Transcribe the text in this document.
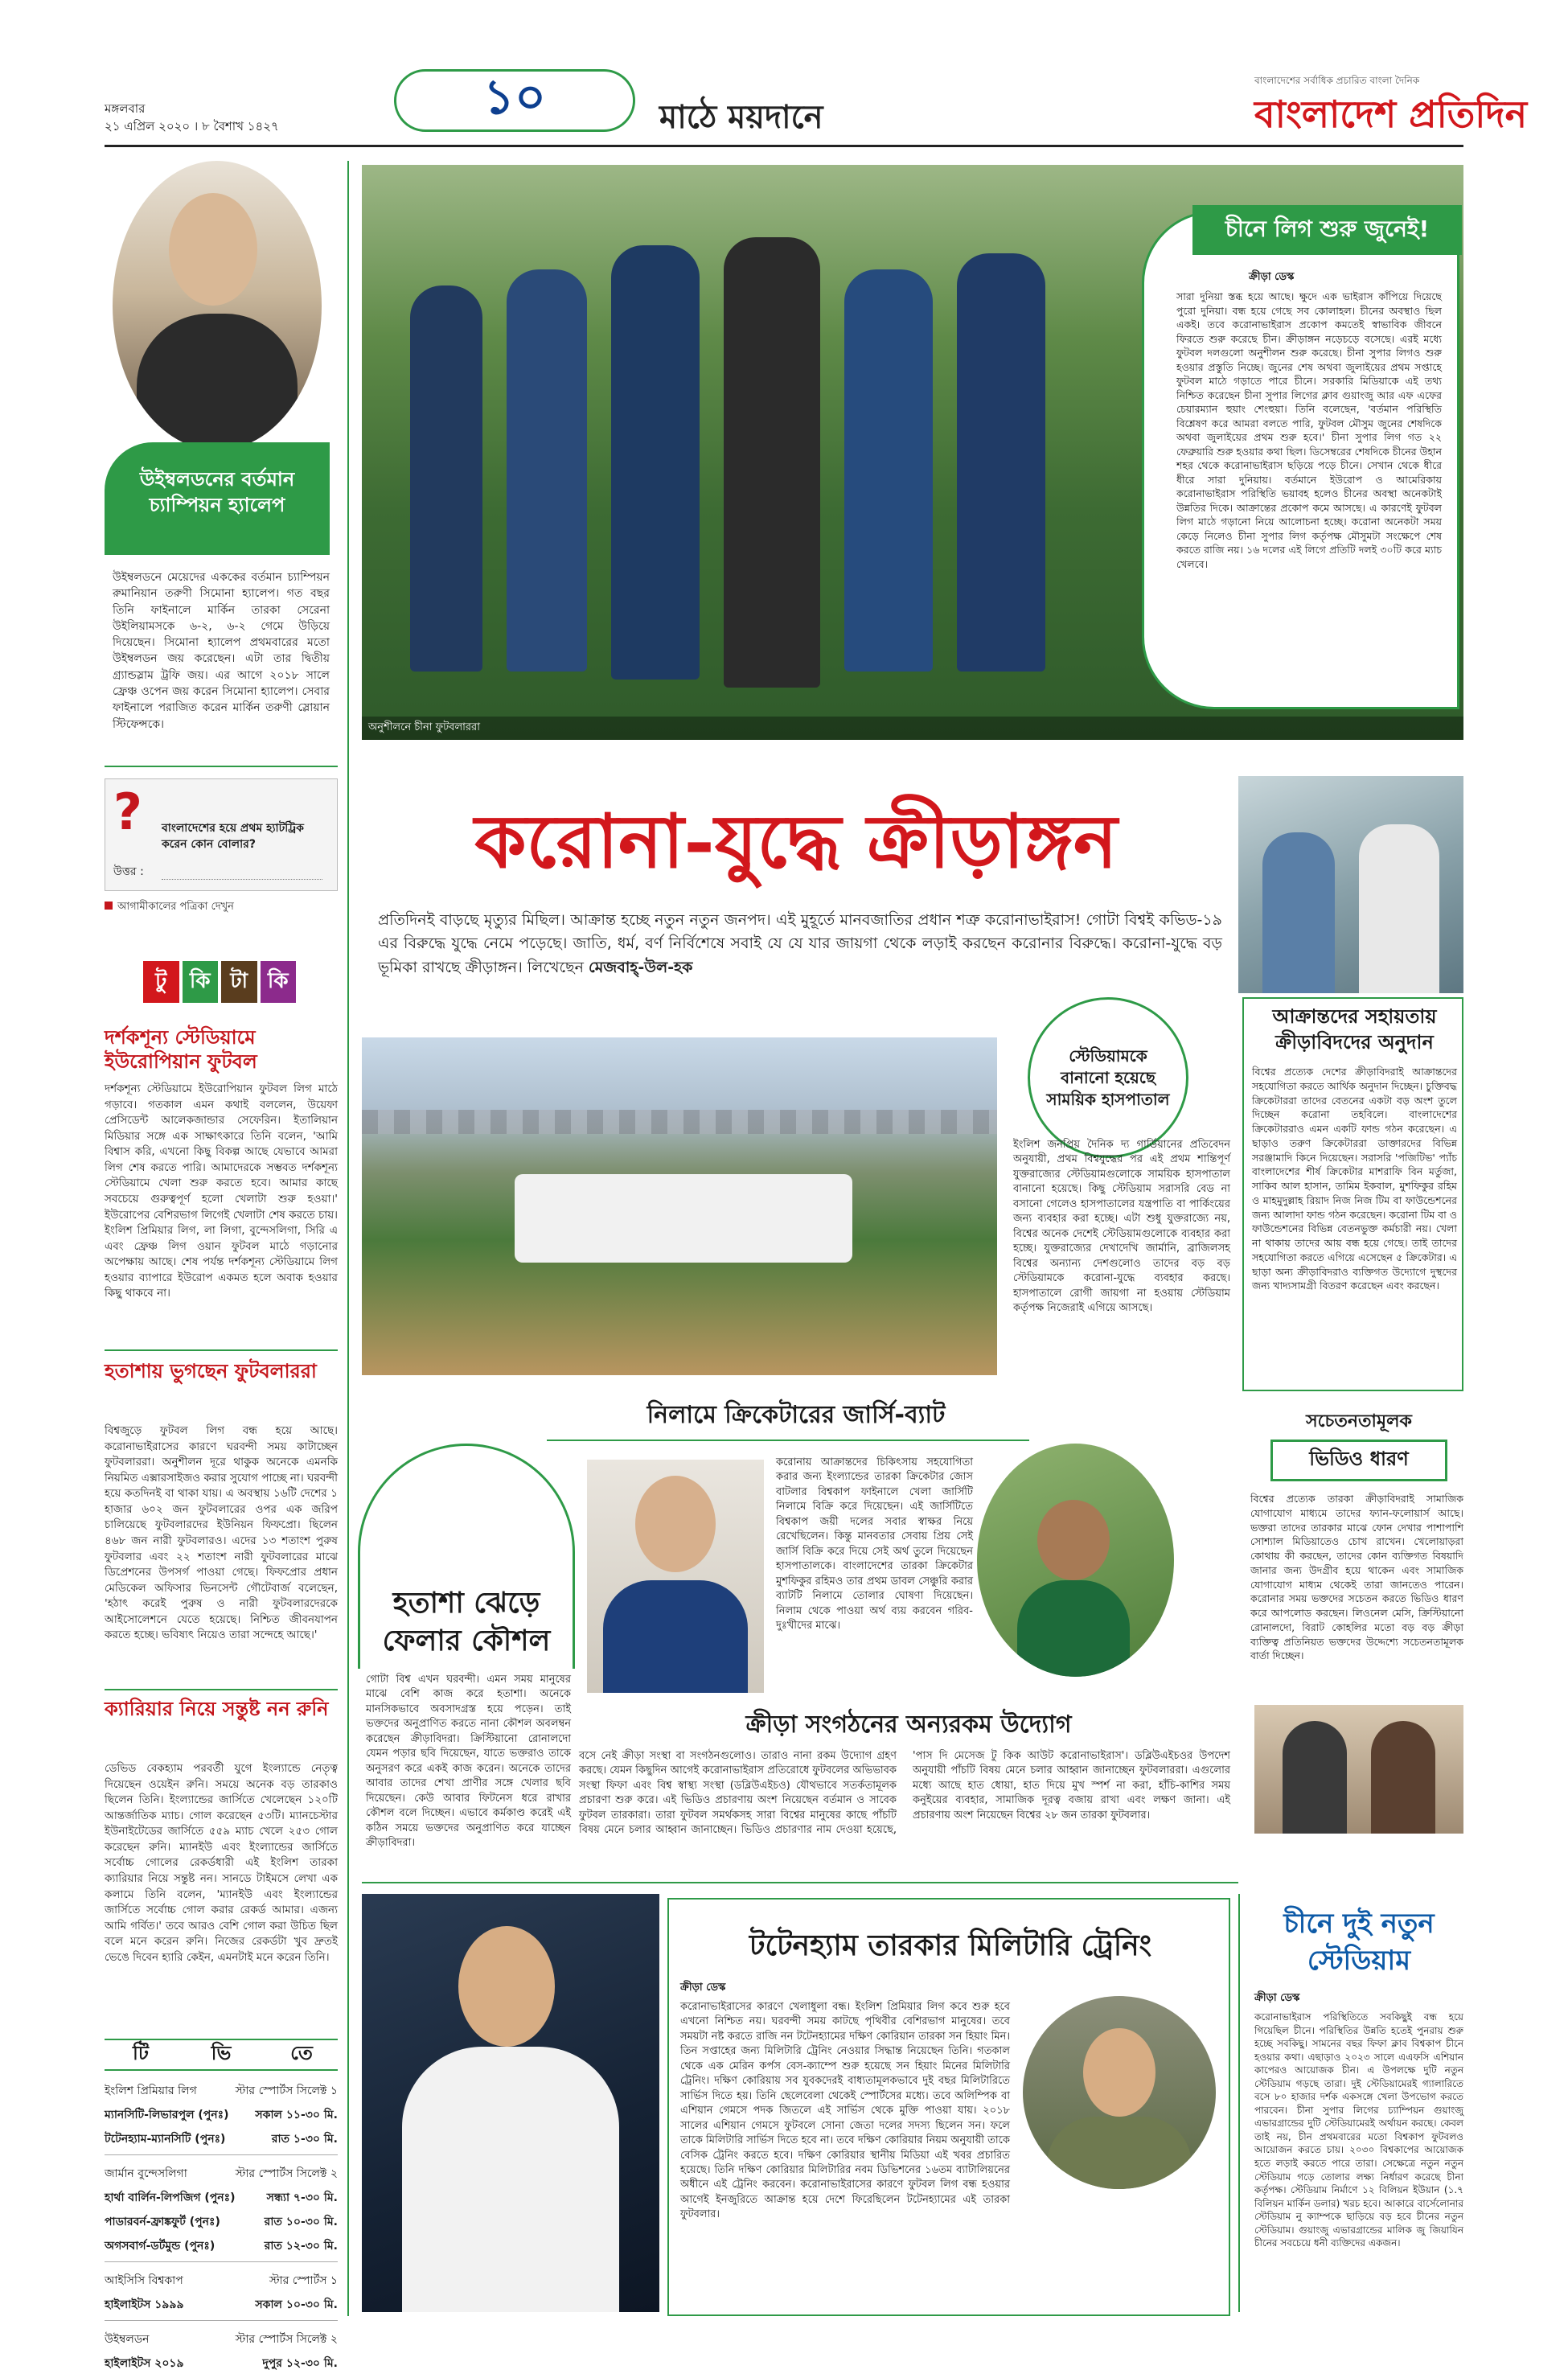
মঙ্গলবার
২১ এপ্রিল ২০২০ । ৮ বৈশাখ ১৪২৭
১০	মাঠে ময়দানে
বাংলাদেশের সর্বাধিক প্রচারিত বাংলা দৈনিক
বাংলাদেশ প্রতিদিন
উইম্বলডনের বর্তমান চ্যাম্পিয়ন হ্যালেপ
উইম্বলডনে মেয়েদের এককের বর্তমান চ্যাম্পিয়ন রুমানিয়ান তরুণী সিমোনা হ্যালেপ। গত বছর তিনি ফাইনালে মার্কিন তারকা সেরেনা উইলিয়ামসকে ৬-২, ৬-২ গেমে উড়িয়ে দিয়েছেন। সিমোনা হ্যালেপ প্রথমবারের মতো উইম্বলডন জয় করেছেন। এটা তার দ্বিতীয় গ্র্যান্ডস্লাম ট্রফি জয়। এর আগে ২০১৮ সালে ফ্রেঞ্চ ওপেন জয় করেন সিমোনা হ্যালেপ। সেবার ফাইনালে পরাজিত করেন মার্কিন তরুণী স্লোয়ান স্টিফেন্সকে।
?	বাংলাদেশের হয়ে প্রথম হ্যাটট্রিক করেন কোন বোলার?
উত্তর :
আগামীকালের পত্রিকা দেখুন
টু	কি টা কি
দর্শকশূন্য স্টেডিয়ামে ইউরোপিয়ান ফুটবল
দর্শকশূন্য স্টেডিয়ামে ইউরোপিয়ান ফুটবল লিগ মাঠে গড়াবে। গতকাল এমন কথাই বললেন, উয়েফা প্রেসিডেন্ট আলেকজান্ডার সেফেরিন। ইতালিয়ান মিডিয়ার সঙ্গে এক সাক্ষাৎকারে তিনি বলেন, 'আমি বিশ্বাস করি, এখনো কিছু বিকল্প আছে যেভাবে আমরা লিগ শেষ করতে পারি। আমাদেরকে সম্ভবত দর্শকশূন্য স্টেডিয়ামে খেলা শুরু করতে হবে। আমার কাছে সবচেয়ে গুরুত্বপূর্ণ হলো খেলাটা শুরু হওয়া।' ইউরোপের বেশিরভাগ লিগেই খেলাটা শেষ করতে চায়। ইংলিশ প্রিমিয়ার লিগ, লা লিগা, বুন্দেসলিগা, সিরি এ এবং ফ্রেঞ্চ লিগ ওয়ান ফুটবল মাঠে গড়ানোর অপেক্ষায় আছে। শেষ পর্যন্ত দর্শকশূন্য স্টেডিয়ামে লিগ হওয়ার ব্যাপারে ইউরোপ একমত হলে অবাক হওয়ার কিছু থাকবে না।
হতাশায় ভুগছেন ফুটবলাররা
বিশ্বজুড়ে ফুটবল লিগ বন্ধ হয়ে আছে। করোনাভাইরাসের কারণে ঘরবন্দী সময় কাটাচ্ছেন ফুটবলাররা। অনুশীলন দূরে থাকুক অনেকে এমনকি নিয়মিত এক্সারসাইজও করার সুযোগ পাচ্ছে না। ঘরবন্দী হয়ে কতদিনই বা থাকা যায়। এ অবস্থায় ১৬টি দেশের ১ হাজার ৬০২ জন ফুটবলারের ওপর এক জরিপ চালিয়েছে ফুটবলারদের ইউনিয়ন ফিফপ্রো। ছিলেন ৪৬৮ জন নারী ফুটবলারও। এদের ১৩ শতাংশ পুরুষ ফুটবলার এবং ২২ শতাংশ নারী ফুটবলারের মাঝে ডিপ্রেশনের উপসর্গ পাওয়া গেছে। ফিফপ্রোর প্রধান মেডিকেল অফিসার ভিনসেন্ট গৌটেবার্জ বলেছেন, 'হঠাৎ করেই পুরুষ ও নারী ফুটবলারদেরকে আইসোলেশনে যেতে হয়েছে। নিশ্চিত জীবনযাপন করতে হচ্ছে। ভবিষ্যৎ নিয়েও তারা সন্দেহে আছে।'
ক্যারিয়ার নিয়ে সন্তুষ্ট নন রুনি
ডেভিড বেকহ্যাম পরবর্তী যুগে ইংল্যান্ডে নেতৃত্ব দিয়েছেন ওয়েইন রুনি। সময়ে অনেক বড় তারকাও ছিলেন তিনি। ইংল্যান্ডের জার্সিতে খেলেছেন ১২০টি আন্তর্জাতিক ম্যাচ। গোল করেছেন ৫৩টি। ম্যানচেস্টার ইউনাইটেডের জার্সিতে ৫৫৯ ম্যাচ খেলে ২৫৩ গোল করেছেন রুনি। ম্যানইউ এবং ইংল্যান্ডের জার্সিতে সর্বোচ্চ গোলের রেকর্ডধারী এই ইংলিশ তারকা ক্যারিয়ার নিয়ে সন্তুষ্ট নন। সানডে টাইমসে লেখা এক কলামে তিনি বলেন, 'ম্যানইউ এবং ইংল্যান্ডের জার্সিতে সর্বোচ্চ গোল করার রেকর্ড আমার। এজন্য আমি গর্বিত।' তবে আরও বেশি গোল করা উচিত ছিল বলে মনে করেন রুনি। নিজের রেকর্ডটা খুব দ্রুতই ভেঙে দিবেন হ্যারি কেইন, এমনটাই মনে করেন তিনি।
টি	ভি	তে
ইংলিশ প্রিমিয়ার লিগ	স্টার স্পোর্টস সিলেক্ট ১
ম্যানসিটি-লিভারপুল (পুনঃ) সকাল ১১-৩০ মি.
টটেনহ্যাম-ম্যানসিটি (পুনঃ)	রাত ১-৩০ মি.
জার্মান বুন্দেসলিগা	স্টার স্পোর্টস সিলেক্ট ২
হার্থা বার্লিন-লিপজিগ (পুনঃ)	সন্ধ্যা ৭-৩০ মি.
পাডারবর্ন-ফ্রাঙ্কফুর্ট (পুনঃ)	রাত ১০-৩০ মি.
অগসবার্গ-ডর্টমুন্ড (পুনঃ)	রাত ১২-৩০ মি.
আইসিসি বিশ্বকাপ	স্টার স্পোর্টস ১
হাইলাইটস ১৯৯৯	সকাল ১০-৩০ মি.
উইম্বলডন	স্টার স্পোর্টস সিলেক্ট ২
হাইলাইটস ২০১৯	দুপুর ১২-৩০ মি.
অনুশীলনে চীনা ফুটবলাররা
চীনে লিগ শুরু জুনেই!
ক্রীড়া ডেস্ক
সারা দুনিয়া স্তব্ধ হয়ে আছে। ক্ষুদে এক ভাইরাস কাঁপিয়ে দিয়েছে পুরো দুনিয়া। বন্ধ হয়ে গেছে সব কোলাহল। চীনের অবস্থাও ছিল একই। তবে করোনাভাইরাস প্রকোপ কমতেই স্বাভাবিক জীবনে ফিরতে শুরু করেছে চীন। ক্রীড়াঙ্গন নড়েচড়ে বসেছে। এরই মধ্যে ফুটবল দলগুলো অনুশীলন শুরু করেছে। চীনা সুপার লিগও শুরু হওয়ার প্রস্তুতি নিচ্ছে। জুনের শেষ অথবা জুলাইয়ের প্রথম সপ্তাহে ফুটবল মাঠে গড়াতে পারে চীনে। সরকারি মিডিয়াকে এই তথ্য নিশ্চিত করেছেন চীনা সুপার লিগের ক্লাব গুয়াংজু আর এফ এফের চেয়ারম্যান হুয়াং শেংহুয়া। তিনি বলেছেন, 'বর্তমান পরিস্থিতি বিশ্লেষণ করে আমরা বলতে পারি, ফুটবল মৌসুম জুনের শেষদিকে অথবা জুলাইয়ের প্রথম শুরু হবে।' চীনা সুপার লিগ গত ২২ ফেব্রুয়ারি শুরু হওয়ার কথা ছিল। ডিসেম্বরের শেষদিকে চীনের উহান শহর থেকে করোনাভাইরাস ছড়িয়ে পড়ে চীনে। সেখান থেকে ধীরে ধীরে সারা দুনিয়ায়। বর্তমানে ইউরোপ ও আমেরিকায় করোনাভাইরাস পরিস্থিতি ভয়াবহ হলেও চীনের অবস্থা অনেকটাই উন্নতির দিকে। আক্রান্তের প্রকোপ কমে আসছে। এ কারণেই ফুটবল লিগ মাঠে গড়ানো নিয়ে আলোচনা হচ্ছে। করোনা অনেকটা সময় কেড়ে নিলেও চীনা সুপার লিগ কর্তৃপক্ষ মৌসুমটা সংক্ষেপে শেষ করতে রাজি নয়। ১৬ দলের এই লিগে প্রতিটি দলই ৩০টি করে ম্যাচ খেলবে।
করোনা-যুদ্ধে ক্রীড়াঙ্গন
প্রতিদিনই বাড়ছে মৃত্যুর মিছিল। আক্রান্ত হচ্ছে নতুন নতুন জনপদ। এই মুহূর্তে মানবজাতির প্রধান শত্রু করোনাভাইরাস! গোটা বিশ্বই কভিড-১৯ এর বিরুদ্ধে যুদ্ধে নেমে পড়েছে। জাতি, ধর্ম, বর্ণ নির্বিশেষে সবাই যে যে যার জায়গা থেকে লড়াই করছেন করোনার বিরুদ্ধে। করোনা-যুদ্ধে বড় ভূমিকা রাখছে ক্রীড়াঙ্গন। লিখেছেন মেজবাহ্-উল-হক
আক্রান্তদের সহায়তায় ক্রীড়াবিদদের অনুদান
বিশ্বের প্রত্যেক দেশের ক্রীড়াবিদরাই আক্রান্তদের সহযোগিতা করতে আর্থিক অনুদান দিচ্ছেন। চুক্তিবদ্ধ ক্রিকেটাররা তাদের বেতনের একটা বড় অংশ তুলে দিচ্ছেন করোনা তহবিলে। বাংলাদেশের ক্রিকেটাররাও এমন একটি ফান্ড গঠন করেছেন। এ ছাড়াও তরুণ ক্রিকেটাররা ডাক্তারদের বিভিন্ন সরঞ্জামাদি কিনে দিয়েছেন। সরাসরি 'পজিটিভ' প্যাঁচ বাংলাদেশের শীর্ষ ক্রিকেটার মাশরাফি বিন মর্তুজা, সাকিব আল হাসান, তামিম ইকবাল, মুশফিকুর রহিম ও মাহমুদুল্লাহ রিয়াদ নিজ নিজ টিম বা ফাউন্ডেশনের জন্য আলাদা ফান্ড গঠন করেছেন। করোনা টিম বা ও ফাউন্ডেশনের বিভিন্ন বেতনভুক্ত কর্মচারী নয়। খেলা না থাকায় তাদের আয় বন্ধ হয়ে গেছে। তাই তাদের সহযোগিতা করতে এগিয়ে এসেছেন ৫ ক্রিকেটার। এ ছাড়া অন্য ক্রীড়াবিদরাও ব্যক্তিগত উদ্যোগে দুস্থদের জন্য খাদ্যসামগ্রী বিতরণ করেছেন এবং করছেন।
স্টেডিয়ামকে বানানো হয়েছে সাময়িক হাসপাতাল
ইংলিশ জনপ্রিয় দৈনিক দ্য গার্ডিয়ানের প্রতিবেদন অনুযায়ী, প্রথম বিশ্বযুদ্ধের পর এই প্রথম শান্তিপূর্ণ যুক্তরাজ্যের স্টেডিয়ামগুলোকে সাময়িক হাসপাতাল বানানো হয়েছে। কিছু স্টেডিয়াম সরাসরি বেড না বসানো গেলেও হাসপাতালের যন্ত্রপাতি বা পার্কিংয়ের জন্য ব্যবহার করা হচ্ছে। এটা শুধু যুক্তরাজ্যে নয়, বিশ্বের অনেক দেশেই স্টেডিয়ামগুলোকে ব্যবহার করা হচ্ছে। যুক্তরাজ্যের দেখাদেখি জার্মানি, ব্রাজিলসহ বিশ্বের অন্যান্য দেশগুলোও তাদের বড় বড় স্টেডিয়ামকে করোনা-যুদ্ধে ব্যবহার করছে। হাসপাতালে রোগী জায়গা না হওয়ায় স্টেডিয়াম কর্তৃপক্ষ নিজেরাই এগিয়ে আসছে।
নিলামে ক্রিকেটারের জার্সি-ব্যাট
হতাশা ঝেড়ে ফেলার কৌশল
গোটা বিশ্ব এখন ঘরবন্দী। এমন সময় মানুষের মাঝে বেশি কাজ করে হতাশা। অনেকে মানসিকভাবে অবসাদগ্রস্ত হয়ে পড়েন। তাই ভক্তদের অনুপ্রাণিত করতে নানা কৌশল অবলম্বন করেছেন ক্রীড়াবিদরা। ক্রিস্টিয়ানো রোনালদো যেমন পড়ার ছবি দিয়েছেন, যাতে ভক্তরাও তাকে অনুসরণ করে একই কাজ করেন। অনেকে তাদের আবার তাদের শেখা প্রাণীর সঙ্গে খেলার ছবি দিয়েছেন। কেউ আবার ফিটনেস ধরে রাখার কৌশল বলে দিচ্ছেন। এভাবে কর্মকাণ্ড করেই এই কঠিন সময়ে ভক্তদের অনুপ্রাণিত করে যাচ্ছেন ক্রীড়াবিদরা।
করোনায় আক্রান্তদের চিকিৎসায় সহযোগিতা করার জন্য ইংল্যান্ডের তারকা ক্রিকেটার জোস বাটলার বিশ্বকাপ ফাইনালে খেলা জার্সিটি নিলামে বিক্রি করে দিয়েছেন। এই জার্সিটিতে বিশ্বকাপ জয়ী দলের সবার স্বাক্ষর নিয়ে রেখেছিলেন। কিন্তু মানবতার সেবায় প্রিয় সেই জার্সি বিক্রি করে দিয়ে সেই অর্থ তুলে দিয়েছেন হাসপাতালকে। বাংলাদেশের তারকা ক্রিকেটার মুশফিকুর রহিমও তার প্রথম ডাবল সেঞ্চুরি করার ব্যাটটি নিলামে তোলার ঘোষণা দিয়েছেন। নিলাম থেকে পাওয়া অর্থ ব্যয় করবেন গরিব-দুঃখীদের মাঝে।
সচেতনতামূলক
ভিডিও ধারণ
বিশ্বের প্রত্যেক তারকা ক্রীড়াবিদরাই সামাজিক যোগাযোগ মাধ্যমে তাদের ফ্যান-ফলোয়ার্স আছে। ভক্তরা তাদের তারকার মাঝে ফোন দেখার পাশাপাশি সোশ্যাল মিডিয়াতেও চোখ রাখেন। খেলোয়াড়রা কোথায় কী করছেন, তাদের কোন ব্যক্তিগত বিষয়াদি জানার জন্য উদগ্রীব হয়ে থাকেন এবং সামাজিক যোগাযোগ মাধ্যম থেকেই তারা জানতেও পারেন। করোনার সময় ভক্তদের সচেতন করতে ভিডিও ধারণ করে আপলোড করছেন। লিওনেল মেসি, ক্রিস্টিয়ানো রোনালদো, বিরাট কোহলির মতো বড় বড় ক্রীড়া ব্যক্তিত্ব প্রতিনিয়ত ভক্তদের উদ্দেশ্যে সচেতনতামূলক বার্তা দিচ্ছেন।
ক্রীড়া সংগঠনের অন্যরকম উদ্যোগ
বসে নেই ক্রীড়া সংস্থা বা সংগঠনগুলোও। তারাও নানা রকম উদ্যোগ গ্রহণ করছে। যেমন কিছুদিন আগেই করোনাভাইরাস প্রতিরোধে ফুটবলের অভিভাবক সংস্থা ফিফা এবং বিশ্ব স্বাস্থ্য সংস্থা (ডব্লিউএইচও) যৌথভাবে সতর্কতামূলক প্রচারণা শুরু করে। এই ভিডিও প্রচারণায় অংশ নিয়েছেন বর্তমান ও সাবেক ফুটবল তারকারা। তারা ফুটবল সমর্থকসহ সারা বিশ্বের মানুষের কাছে পাঁচটি বিষয় মেনে চলার আহ্বান জানাচ্ছেন। ভিডিও প্রচারণার নাম দেওয়া হয়েছে, 'পাস দি মেসেজ টু কিক আউট করোনাভাইরাস'। ডব্লিউএইচওর উপদেশ অনুযায়ী পাঁচটি বিষয় মেনে চলার আহ্বান জানাচ্ছেন ফুটবলাররা। এগুলোর মধ্যে আছে হাত ধোয়া, হাত দিয়ে মুখ স্পর্শ না করা, হাঁচি-কাশির সময় কনুইয়ের ব্যবহার, সামাজিক দূরত্ব বজায় রাখা এবং লক্ষণ জানা। এই প্রচারণায় অংশ নিয়েছেন বিশ্বের ২৮ জন তারকা ফুটবলার।
টটেনহ্যাম তারকার মিলিটারি ট্রেনিং
ক্রীড়া ডেস্ক
করোনাভাইরাসের কারণে খেলাধুলা বন্ধ। ইংলিশ প্রিমিয়ার লিগ কবে শুরু হবে এখনো নিশ্চিত নয়। ঘরবন্দী সময় কাটছে পৃথিবীর বেশিরভাগ মানুষের। তবে সময়টা নষ্ট করতে রাজি নন টটেনহ্যামের দক্ষিণ কোরিয়ান তারকা সন হিয়াং মিন। তিন সপ্তাহের জন্য মিলিটারি ট্রেনিং নেওয়ার সিদ্ধান্ত নিয়েছেন তিনি। গতকাল থেকে এক মেরিন কর্পস বেস-ক্যাম্পে শুরু হয়েছে সন হিয়াং মিনের মিলিটারি ট্রেনিং। দক্ষিণ কোরিয়ায় সব যুবকদেরই বাধ্যতামূলকভাবে দুই বছর মিলিটারিতে সার্ভিস দিতে হয়। তিনি ছেলেবেলা থেকেই স্পোর্টসের মধ্যে। তবে অলিম্পিক বা এশিয়ান গেমসে পদক জিতলে এই সার্ভিস থেকে মুক্তি পাওয়া যায়। ২০১৮ সালের এশিয়ান গেমসে ফুটবলে সোনা জেতা দলের সদস্য ছিলেন সন। ফলে তাকে মিলিটারি সার্ভিস দিতে হবে না। তবে দক্ষিণ কোরিয়ার নিয়ম অনুযায়ী তাকে বেসিক ট্রেনিং করতে হবে। দক্ষিণ কোরিয়ার স্থানীয় মিডিয়া এই খবর প্রচারিত হয়েছে। তিনি দক্ষিণ কোরিয়ার মিলিটারির নবম ডিভিশনের ১৬তম ব্যাটালিয়নের অধীনে এই ট্রেনিং করবেন। করোনাভাইরাসের কারণে ফুটবল লিগ বন্ধ হওয়ার আগেই ইনজুরিতে আক্রান্ত হয়ে দেশে ফিরেছিলেন টটেনহ্যামের এই তারকা ফুটবলার।
চীনে দুই নতুন স্টেডিয়াম
ক্রীড়া ডেস্ক
করোনাভাইরাস পরিস্থিতিতে সবকিছুই বন্ধ হয়ে গিয়েছিল চীনে। পরিস্থিতির উন্নতি হতেই পুনরায় শুরু হচ্ছে সবকিছু। সামনের বছর ফিফা ক্লাব বিশ্বকাপ চীনে হওয়ার কথা। এছাড়াও ২০২৩ সালে এএফসি এশিয়ান কাপেরও আয়োজক চীন। এ উপলক্ষে দুটি নতুন স্টেডিয়াম গড়ছে তারা। দুই স্টেডিয়ামেরই গ্যালারিতে বসে ৮০ হাজার দর্শক একসঙ্গে খেলা উপভোগ করতে পারবেন। চীনা সুপার লিগের চ্যাম্পিয়ন গুয়াংজু এভারগ্রান্ডের দুটি স্টেডিয়ামেরই অর্থায়ন করছে। কেবল তাই নয়, চীন প্রথমবারের মতো বিশ্বকাপ ফুটবলও আয়োজন করতে চায়। ২০৩০ বিশ্বকাপের আয়োজক হতে লড়াই করতে পারে তারা। সেক্ষেত্রে নতুন নতুন স্টেডিয়াম গড়ে তোলার লক্ষ্য নির্ধারণ করেছে চীনা কর্তৃপক্ষ। স্টেডিয়াম নির্মাণে ১২ বিলিয়ন ইউয়ান (১.৭ বিলিয়ন মার্কিন ডলার) খরচ হবে। আকারে বার্সেলোনার স্টেডিয়াম নু ক্যাম্পকে ছাড়িয়ে বড় হবে চীনের নতুন স্টেডিয়াম। গুয়াংজু এভারগ্রান্ডের মালিক জু জিয়াযিন চীনের সবচেয়ে ধনী ব্যক্তিদের একজন।
